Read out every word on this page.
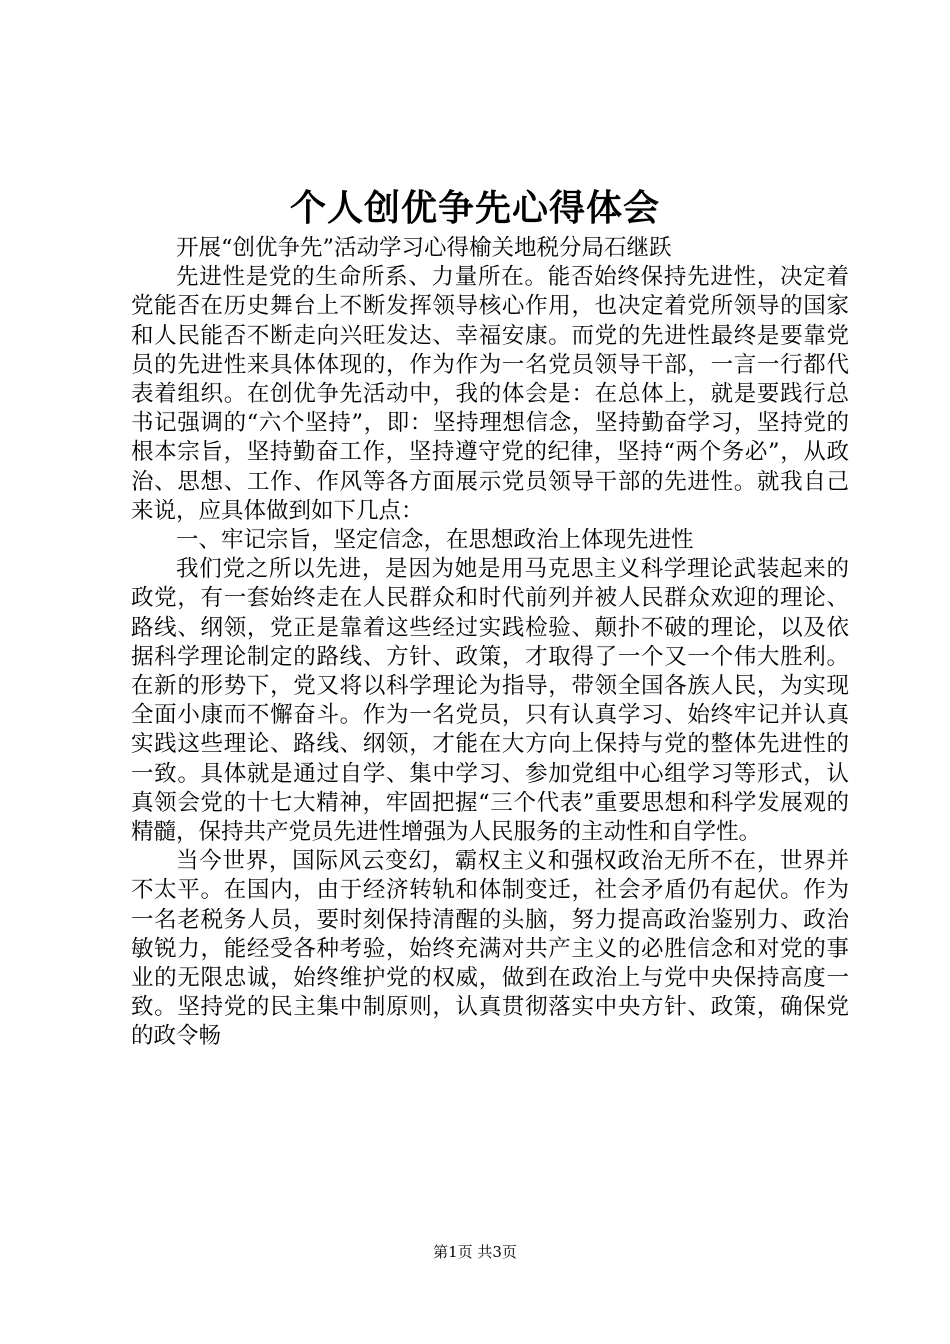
个人创优争先心得体会

开展“创优争先”活动学习心得榆关地税分局石继跃

先进性是党的生命所系、力量所在。能否始终保持先进性，决定着党能否在历史舞台上不断发挥领导核心作用，也决定着党所领导的国家和人民能否不断走向兴旺发达、幸福安康。而党的先进性最终是要靠党员的先进性来具体体现的，作为作为一名党员领导干部，一言一行都代表着组织。在创优争先活动中，我的体会是：在总体上，就是要践行总书记强调的“六个坚持”，即：坚持理想信念，坚持勤奋学习，坚持党的根本宗旨，坚持勤奋工作，坚持遵守党的纪律，坚持“两个务必”，从政治、思想、工作、作风等各方面展示党员领导干部的先进性。就我自己来说，应具体做到如下几点：

一、牢记宗旨，坚定信念，在思想政治上体现先进性

我们党之所以先进，是因为她是用马克思主义科学理论武装起来的政党，有一套始终走在人民群众和时代前列并被人民群众欢迎的理论、路线、纲领，党正是靠着这些经过实践检验、颠扑不破的理论，以及依据科学理论制定的路线、方针、政策，才取得了一个又一个伟大胜利。在新的形势下，党又将以科学理论为指导，带领全国各族人民，为实现全面小康而不懈奋斗。作为一名党员，只有认真学习、始终牢记并认真实践这些理论、路线、纲领，才能在大方向上保持与党的整体先进性的一致。具体就是通过自学、集中学习、参加党组中心组学习等形式，认真领会党的十七大精神，牢固把握“三个代表”重要思想和科学发展观的精髓，保持共产党员先进性增强为人民服务的主动性和自学性。

当今世界，国际风云变幻，霸权主义和强权政治无所不在，世界并不太平。在国内，由于经济转轨和体制变迁，社会矛盾仍有起伏。作为一名老税务人员，要时刻保持清醒的头脑，努力提高政治鉴别力、政治敏锐力，能经受各种考验，始终充满对共产主义的必胜信念和对党的事业的无限忠诚，始终维护党的权威，做到在政治上与党中央保持高度一致。坚持党的民主集中制原则，认真贯彻落实中央方针、政策，确保党的政令畅

第1页 共3页
